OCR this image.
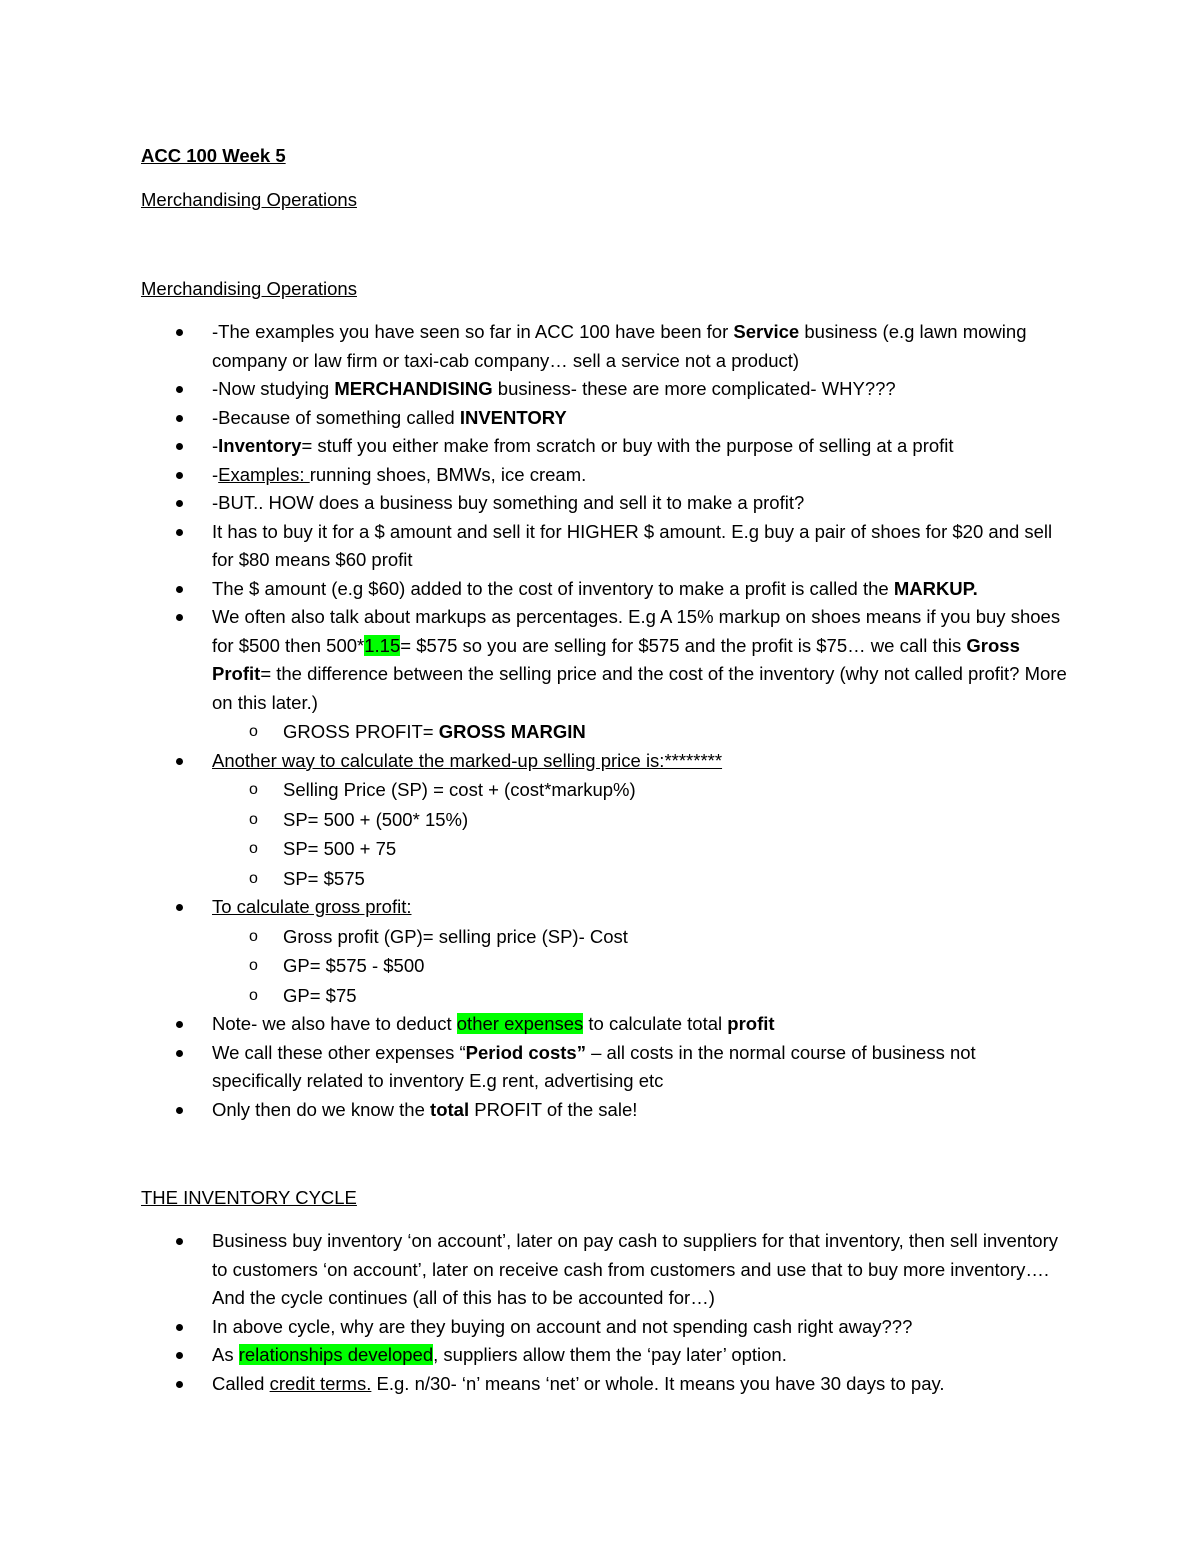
ACC 100 Week 5

Merchandising Operations

Merchandising Operations

-The examples you have seen so far in ACC 100 have been for Service business (e.g lawn mowing company or law firm or taxi-cab company… sell a service not a product)
-Now studying MERCHANDISING business- these are more complicated- WHY???
-Because of something called INVENTORY
-Inventory= stuff you either make from scratch or buy with the purpose of selling at a profit
-Examples: running shoes, BMWs, ice cream.
-BUT.. HOW does a business buy something and sell it to make a profit?
It has to buy it for a $ amount and sell it for HIGHER $ amount. E.g buy a pair of shoes for $20 and sell for $80 means $60 profit
The $ amount (e.g $60) added to the cost of inventory to make a profit is called the MARKUP.
We often also talk about markups as percentages. E.g A 15% markup on shoes means if you buy shoes for $500 then 500*1.15= $575 so you are selling for $575 and the profit is $75… we call this Gross Profit= the difference between the selling price and the cost of the inventory (why not called profit? More on this later.)
o GROSS PROFIT= GROSS MARGIN
Another way to calculate the marked-up selling price is:********
o Selling Price (SP) = cost + (cost*markup%)
o SP= 500 + (500* 15%)
o SP= 500 + 75
o SP= $575
To calculate gross profit:
o Gross profit (GP)= selling price (SP)- Cost
o GP= $575 - $500
o GP= $75
Note- we also have to deduct other expenses to calculate total profit
We call these other expenses “Period costs” – all costs in the normal course of business not specifically related to inventory E.g rent, advertising etc
Only then do we know the total PROFIT of the sale!

THE INVENTORY CYCLE

Business buy inventory ‘on account’, later on pay cash to suppliers for that inventory, then sell inventory to customers ‘on account’, later on receive cash from customers and use that to buy more inventory…. And the cycle continues (all of this has to be accounted for…)
In above cycle, why are they buying on account and not spending cash right away???
As relationships developed, suppliers allow them the ‘pay later’ option.
Called credit terms. E.g. n/30- ‘n’ means ‘net’ or whole. It means you have 30 days to pay.
